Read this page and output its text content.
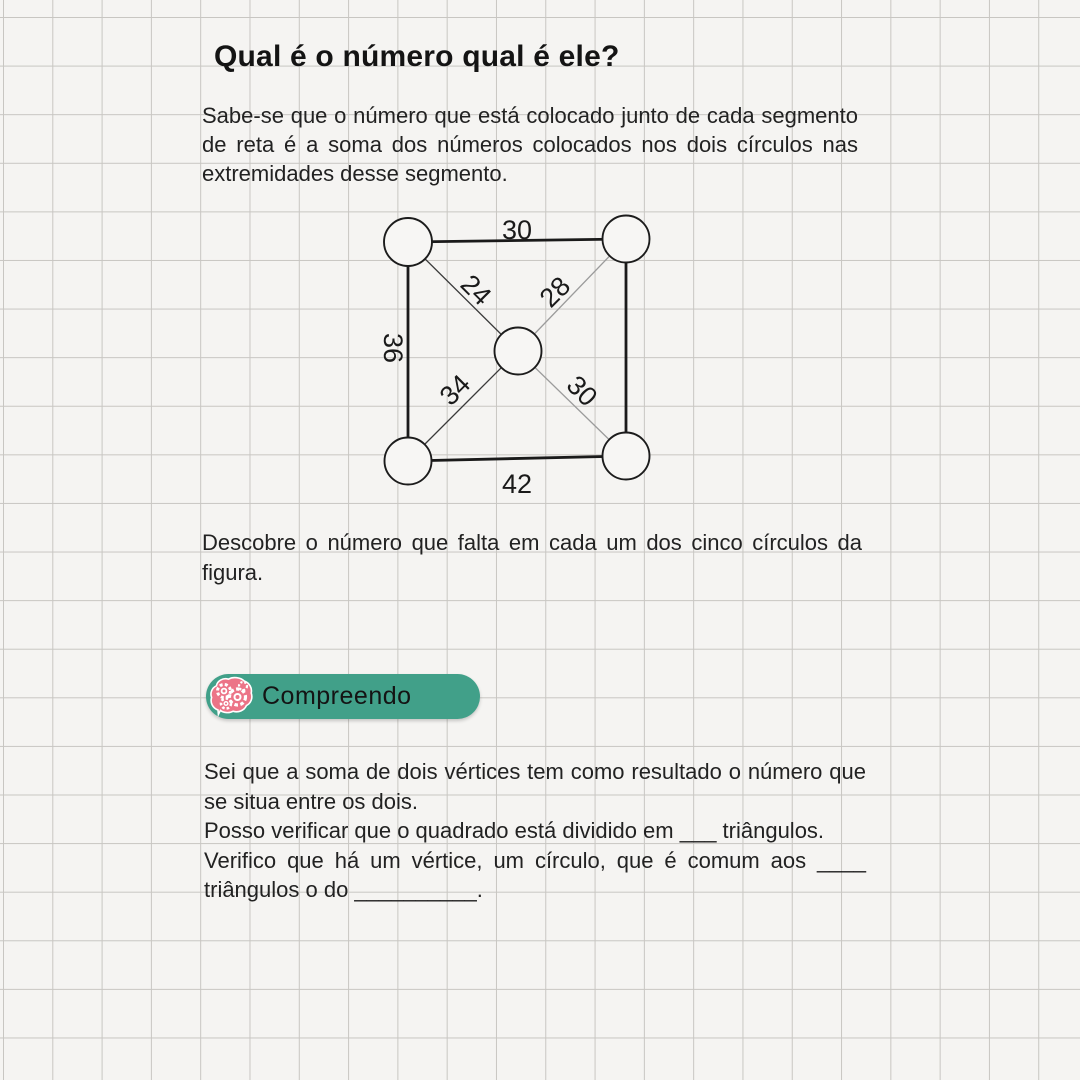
Qual é o número qual é ele?

Sabe-se que o número que está colocado junto de cada segmento de reta é a soma dos números colocados nos dois círculos nas extremidades desse segmento.

30
36
42
24 28
34	30

Descobre o número que falta em cada um dos cinco círculos da figura.

Compreendo

Sei que a soma de dois vértices tem como resultado o número que se situa entre os dois.

Posso verificar que o quadrado está dividido em ___ triângulos.

Verifico que há um vértice, um círculo, que é comum aos ____ triângulos o do __________.
